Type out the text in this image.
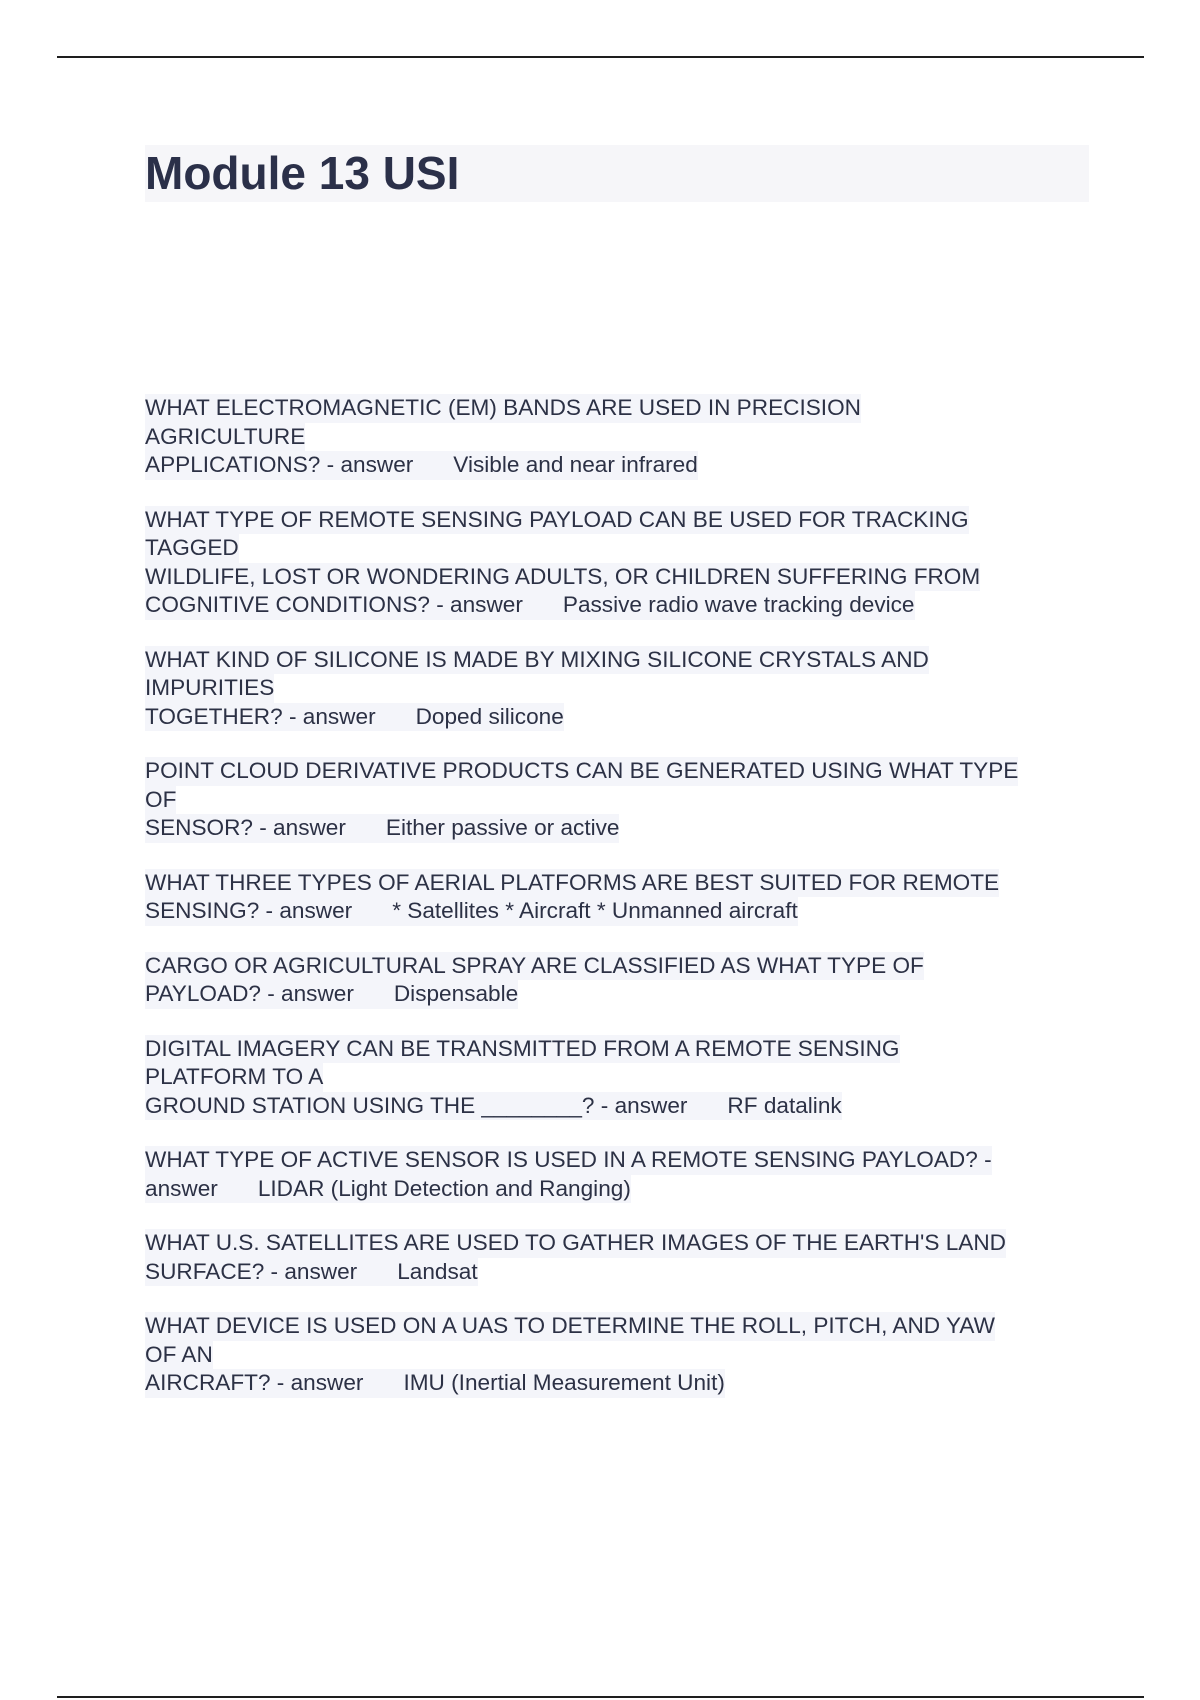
Module 13 USI
WHAT ELECTROMAGNETIC (EM) BANDS ARE USED IN PRECISION
AGRICULTURE
APPLICATIONS? - answer Visible and near infrared
WHAT TYPE OF REMOTE SENSING PAYLOAD CAN BE USED FOR TRACKING
TAGGED
WILDLIFE, LOST OR WONDERING ADULTS, OR CHILDREN SUFFERING FROM
COGNITIVE CONDITIONS? - answer Passive radio wave tracking device
WHAT KIND OF SILICONE IS MADE BY MIXING SILICONE CRYSTALS AND
IMPURITIES
TOGETHER? - answer Doped silicone
POINT CLOUD DERIVATIVE PRODUCTS CAN BE GENERATED USING WHAT TYPE
OF
SENSOR? - answer Either passive or active
WHAT THREE TYPES OF AERIAL PLATFORMS ARE BEST SUITED FOR REMOTE
SENSING? - answer * Satellites * Aircraft * Unmanned aircraft
CARGO OR AGRICULTURAL SPRAY ARE CLASSIFIED AS WHAT TYPE OF
PAYLOAD? - answer Dispensable
DIGITAL IMAGERY CAN BE TRANSMITTED FROM A REMOTE SENSING
PLATFORM TO A
GROUND STATION USING THE ________? - answer RF datalink
WHAT TYPE OF ACTIVE SENSOR IS USED IN A REMOTE SENSING PAYLOAD? -
answer LIDAR (Light Detection and Ranging)
WHAT U.S. SATELLITES ARE USED TO GATHER IMAGES OF THE EARTH'S LAND
SURFACE? - answer Landsat
WHAT DEVICE IS USED ON A UAS TO DETERMINE THE ROLL, PITCH, AND YAW
OF AN
AIRCRAFT? - answer IMU (Inertial Measurement Unit)
